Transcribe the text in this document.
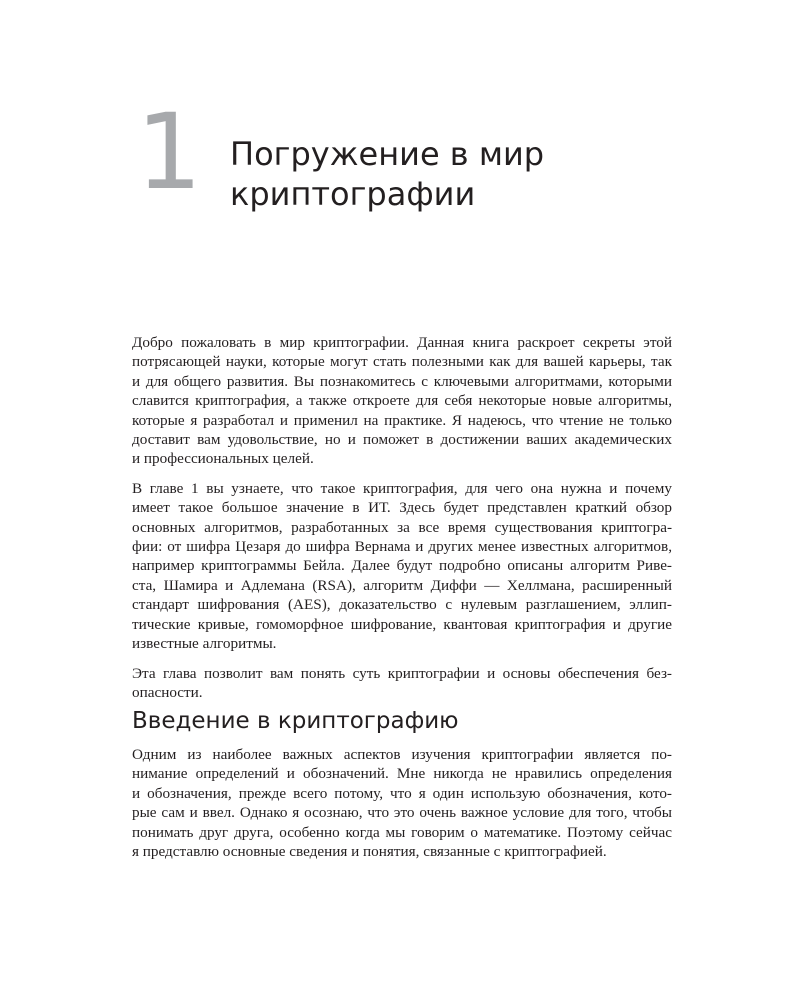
1 Погружение в мир
криптографии

Добро пожаловать в мир криптографии. Данная книга раскроет секреты этой
потрясающей науки, которые могут стать полезными как для вашей карьеры, так
и для общего развития. Вы познакомитесь с ключевыми алгоритмами, которыми
славится криптография, а также откроете для себя некоторые новые алгоритмы,
которые я разработал и применил на практике. Я надеюсь, что чтение не только
доставит вам удовольствие, но и поможет в достижении ваших академических
и профессиональных целей.

В главе 1 вы узнаете, что такое криптография, для чего она нужна и почему
имеет такое большое значение в ИТ. Здесь будет представлен краткий обзор
основных алгоритмов, разработанных за все время существования криптогра-
фии: от шифра Цезаря до шифра Вернама и других менее известных алгоритмов,
например криптограммы Бейла. Далее будут подробно описаны алгоритм Риве-
ста, Шамира и Адлемана (RSA), алгоритм Диффи — Хеллмана, расширенный
стандарт шифрования (AES), доказательство с нулевым разглашением, эллип-
тические кривые, гомоморфное шифрование, квантовая криптография и другие
известные алгоритмы.

Эта глава позволит вам понять суть криптографии и основы обеспечения без-
опасности.

Введение в криптографию

Одним из наиболее важных аспектов изучения криптографии является по-
нимание определений и обозначений. Мне никогда не нравились определения
и обозначения, прежде всего потому, что я один использую обозначения, кото-
рые сам и ввел. Однако я осознаю, что это очень важное условие для того, чтобы
понимать друг друга, особенно когда мы говорим о математике. Поэтому сейчас
я представлю основные сведения и понятия, связанные с криптографией.
